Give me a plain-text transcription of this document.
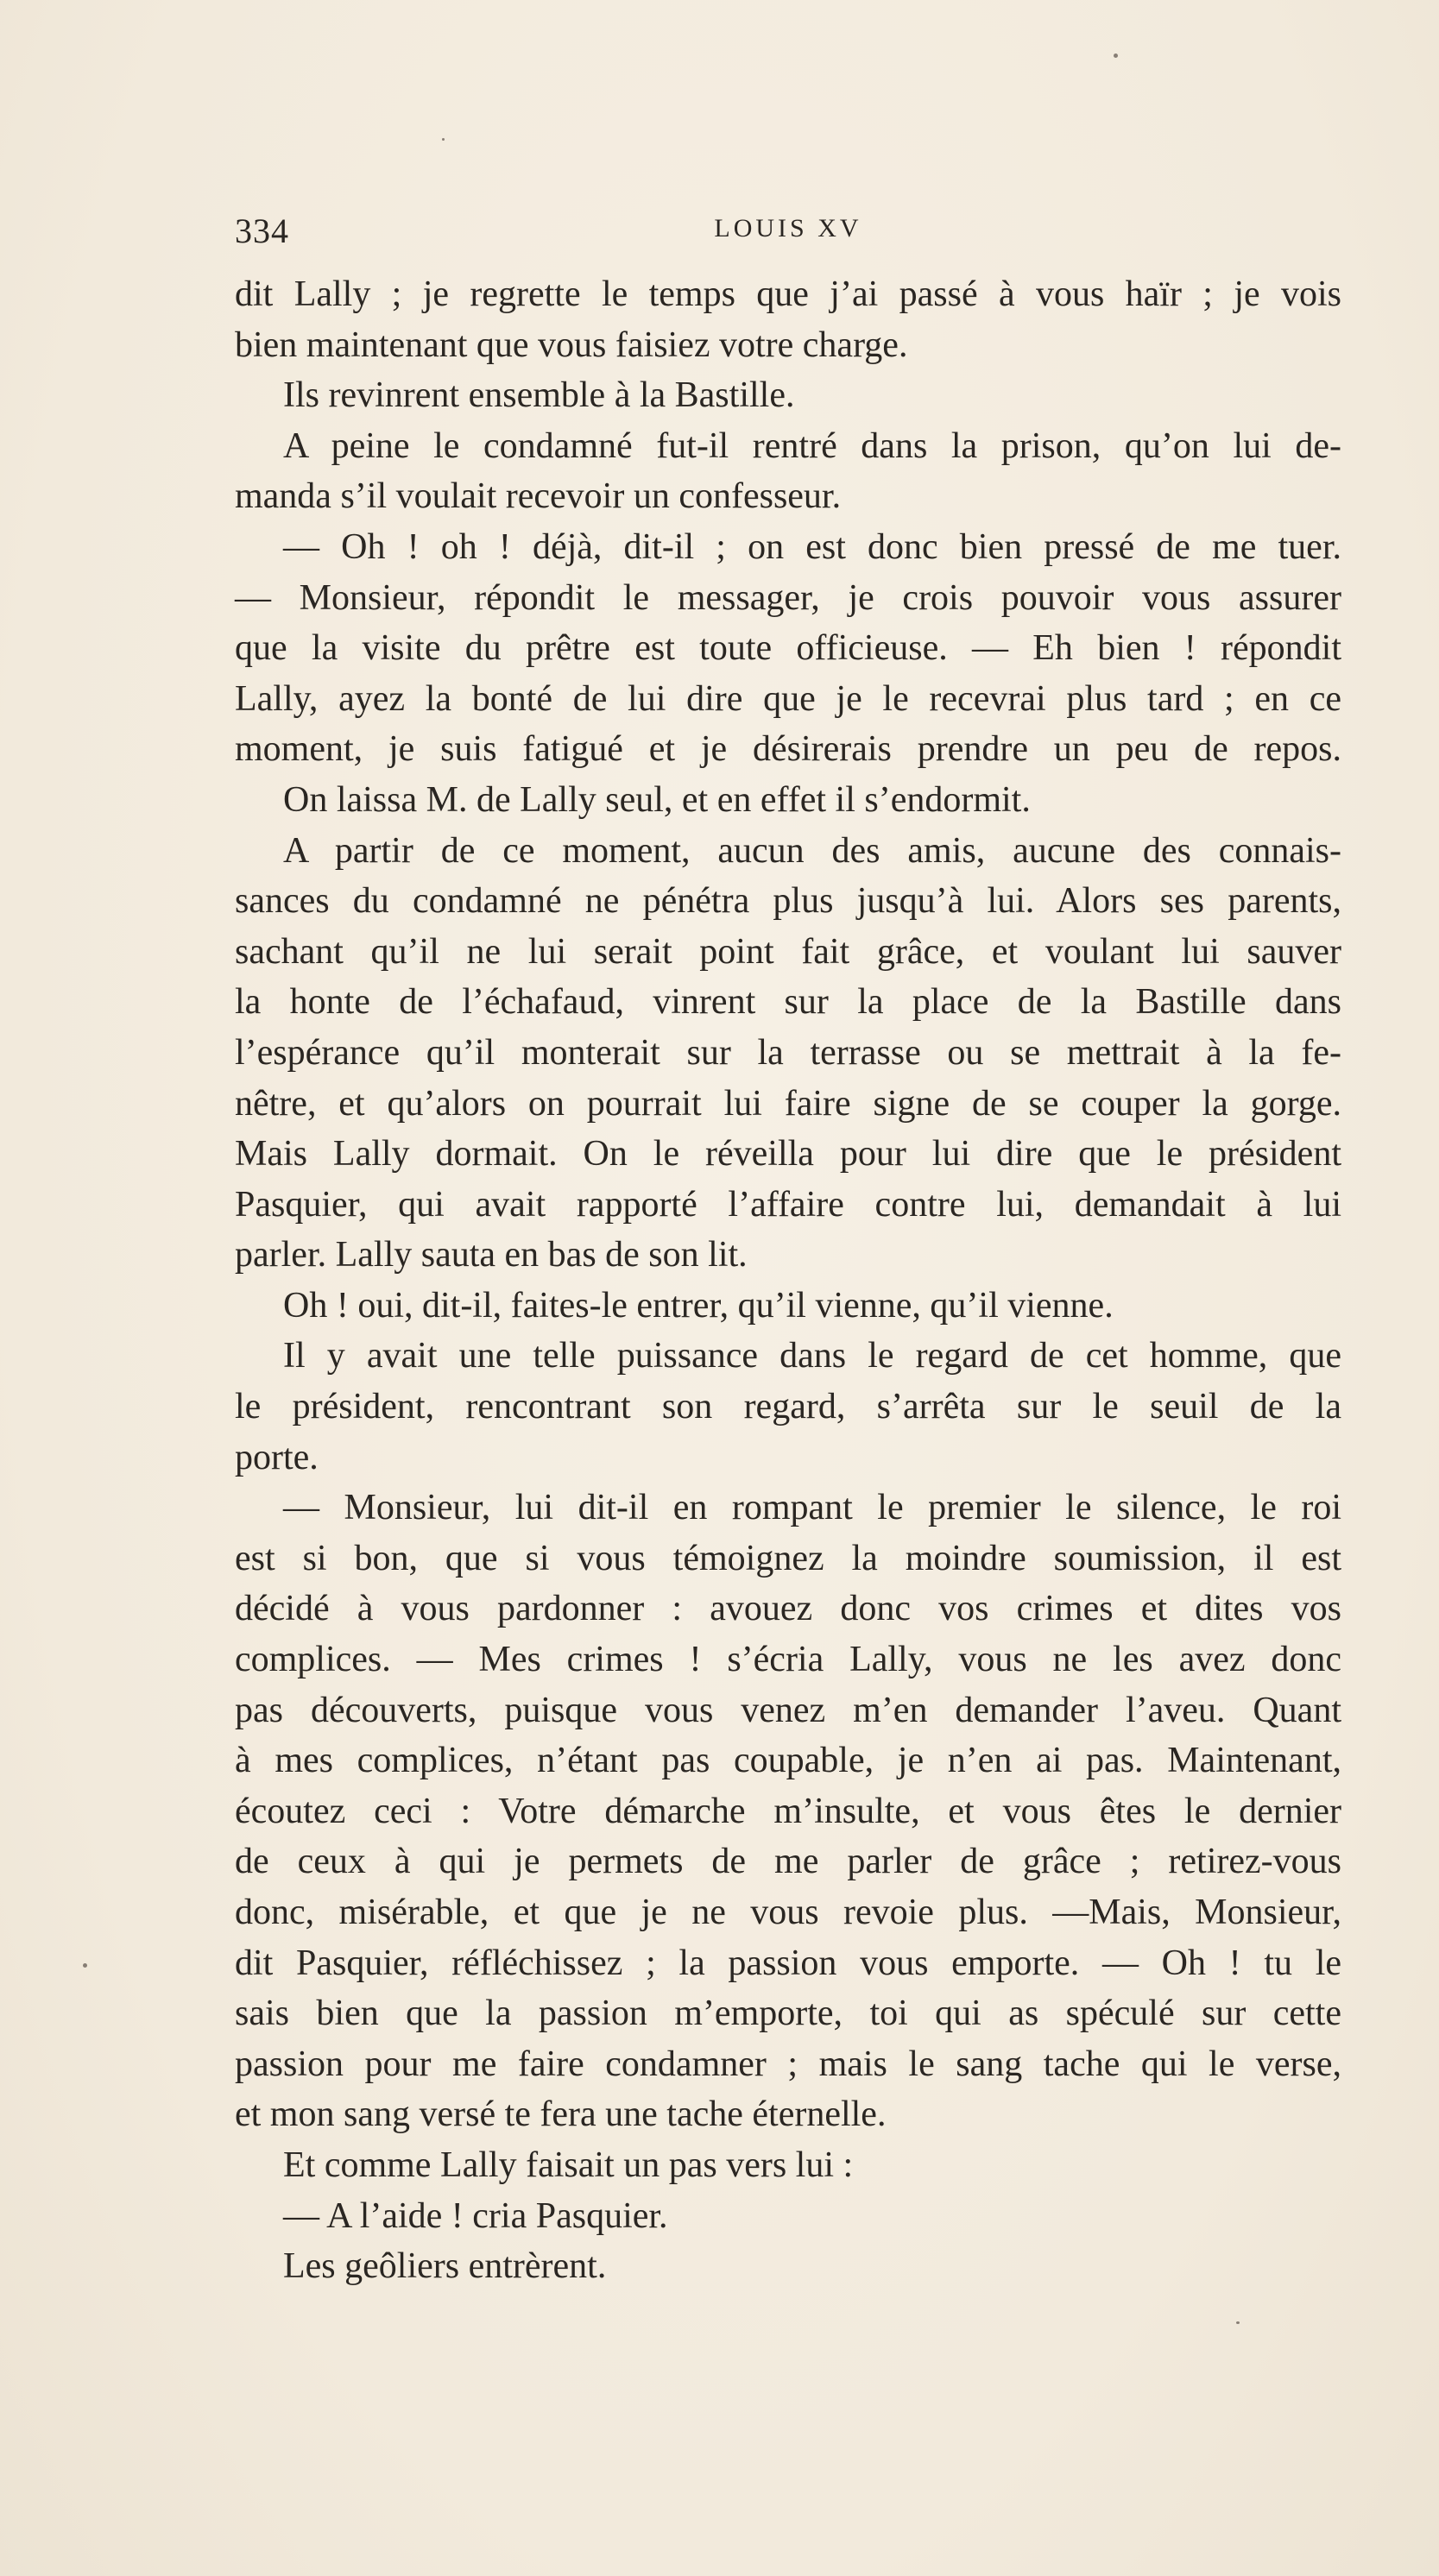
334	LOUIS XV
dit Lally ; je regrette le temps que j’ai passé à vous haïr ; je vois
bien maintenant que vous faisiez votre charge.
Ils revinrent ensemble à la Bastille.
A peine le condamné fut-il rentré dans la prison, qu’on lui de-
manda s’il voulait recevoir un confesseur.
— Oh ! oh ! déjà, dit-il ; on est donc bien pressé de me tuer.
— Monsieur, répondit le messager, je crois pouvoir vous assurer
que la visite du prêtre est toute officieuse. — Eh bien ! répondit
Lally, ayez la bonté de lui dire que je le recevrai plus tard ; en ce
moment, je suis fatigué et je désirerais prendre un peu de repos.
On laissa M. de Lally seul, et en effet il s’endormit.
A partir de ce moment, aucun des amis, aucune des connais-
sances du condamné ne pénétra plus jusqu’à lui. Alors ses parents,
sachant qu’il ne lui serait point fait grâce, et voulant lui sauver
la honte de l’échafaud, vinrent sur la place de la Bastille dans
l’espérance qu’il monterait sur la terrasse ou se mettrait à la fe-
nêtre, et qu’alors on pourrait lui faire signe de se couper la gorge.
Mais Lally dormait. On le réveilla pour lui dire que le président
Pasquier, qui avait rapporté l’affaire contre lui, demandait à lui
parler. Lally sauta en bas de son lit.
Oh ! oui, dit-il, faites-le entrer, qu’il vienne, qu’il vienne.
Il y avait une telle puissance dans le regard de cet homme, que
le président, rencontrant son regard, s’arrêta sur le seuil de la
porte.
— Monsieur, lui dit-il en rompant le premier le silence, le roi
est si bon, que si vous témoignez la moindre soumission, il est
décidé à vous pardonner : avouez donc vos crimes et dites vos
complices. — Mes crimes ! s’écria Lally, vous ne les avez donc
pas découverts, puisque vous venez m’en demander l’aveu. Quant
à mes complices, n’étant pas coupable, je n’en ai pas. Maintenant,
écoutez ceci : Votre démarche m’insulte, et vous êtes le dernier
de ceux à qui je permets de me parler de grâce ; retirez-vous
donc, misérable, et que je ne vous revoie plus. —Mais, Monsieur,
dit Pasquier, réfléchissez ; la passion vous emporte. — Oh ! tu le
sais bien que la passion m’emporte, toi qui as spéculé sur cette
passion pour me faire condamner ; mais le sang tache qui le verse,
et mon sang versé te fera une tache éternelle.
Et comme Lally faisait un pas vers lui :
— A l’aide ! cria Pasquier.
Les geôliers entrèrent.
